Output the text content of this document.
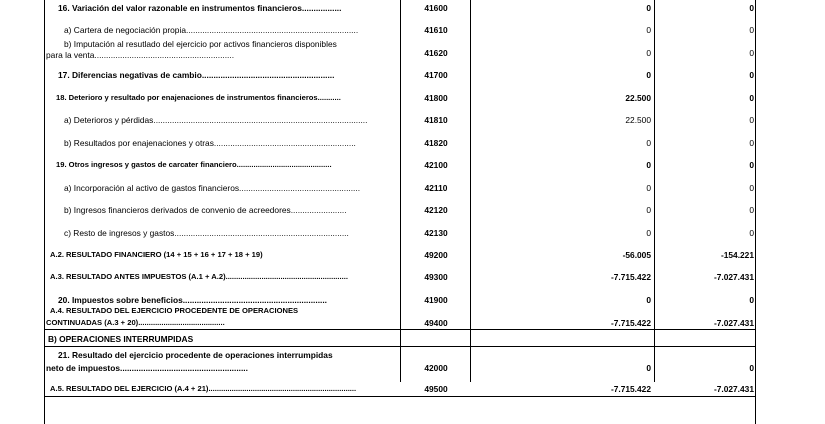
16. Variación del valor razonable en instrumentos financieros.................	41600	0	0
a) Cartera de negociación propia..........................................................................	41610	0	0
b) Imputación al resutlado del ejercicio por activos financieros disponibles
para la venta............................................................	41620	0	0
17. Diferencias negativas de cambio.........................................................	41700	0	0
18. Deterioro y resultado por enajenaciones de instrumentos financieros...........	41800	22.500	0
a) Deterioros y pérdidas............................................................................................	41810	22.500	0
b) Resultados por enajenaciones y otras.............................................................	41820	0	0
19. Otros ingresos y gastos de carcater financiero.............................................	42100	0	0
a) Incorporación al activo de gastos financieros....................................................	42110	0	0
b) Ingresos financieros derivados de convenio de acreedores........................	42120	0	0
c) Resto de ingresos y gastos...........................................................................	42130	0	0
A.2. RESULTADO FINANCIERO (14 + 15 + 16 + 17 + 18 + 19)	49200	-56.005	-154.221
A.3. RESULTADO ANTES IMPUESTOS (A.1 + A.2)..........................................................	49300	-7.715.422	-7.027.431
20. Impuestos sobre beneficios..............................................................	41900	0	0
A.4. RESULTADO DEL EJERCICIO PROCEDENTE DE OPERACIONES
CONTINUADAS (A.3 + 20).........................................	49400	-7.715.422	-7.027.431
B) OPERACIONES INTERRUMPIDAS
21. Resultado del ejercicio procedente de operaciones interrumpidas
neto de impuestos.......................................................	42000	0	0
A.5. RESULTADO DEL EJERCICIO (A.4 + 21)......................................................................	49500	-7.715.422	-7.027.431
